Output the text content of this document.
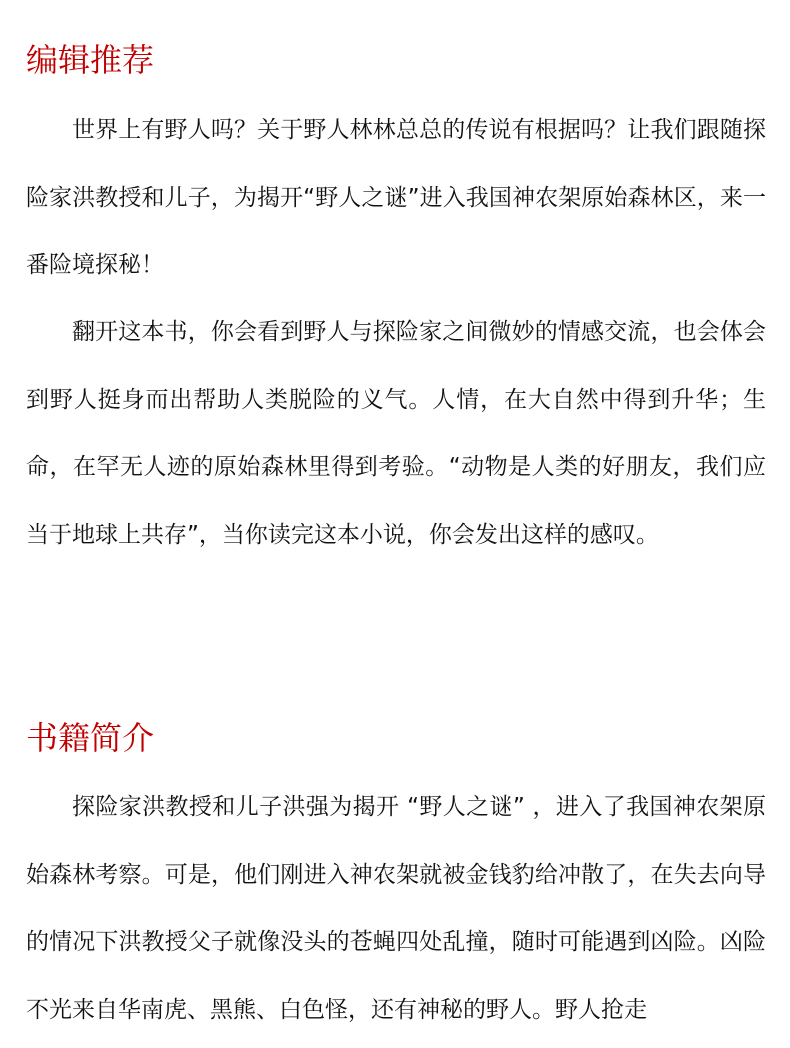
编辑推荐

世界上有野人吗？关于野人林林总总的传说有根据吗？让我们跟随探险家洪教授和儿子，为揭开“野人之谜”进入我国神农架原始森林区，来一番险境探秘！

翻开这本书，你会看到野人与探险家之间微妙的情感交流，也会体会到野人挺身而出帮助人类脱险的义气。人情，在大自然中得到升华；生命，在罕无人迹的原始森林里得到考验。“动物是人类的好朋友，我们应当于地球上共存”，当你读完这本小说，你会发出这样的感叹。

书籍简介

探险家洪教授和儿子洪强为揭开 “野人之谜” ，进入了我国神农架原始森林考察。可是，他们刚进入神农架就被金钱豹给冲散了，在失去向导的情况下洪教授父子就像没头的苍蝇四处乱撞，随时可能遇到凶险。凶险不光来自华南虎、黑熊、白色怪，还有神秘的野人。野人抢走
